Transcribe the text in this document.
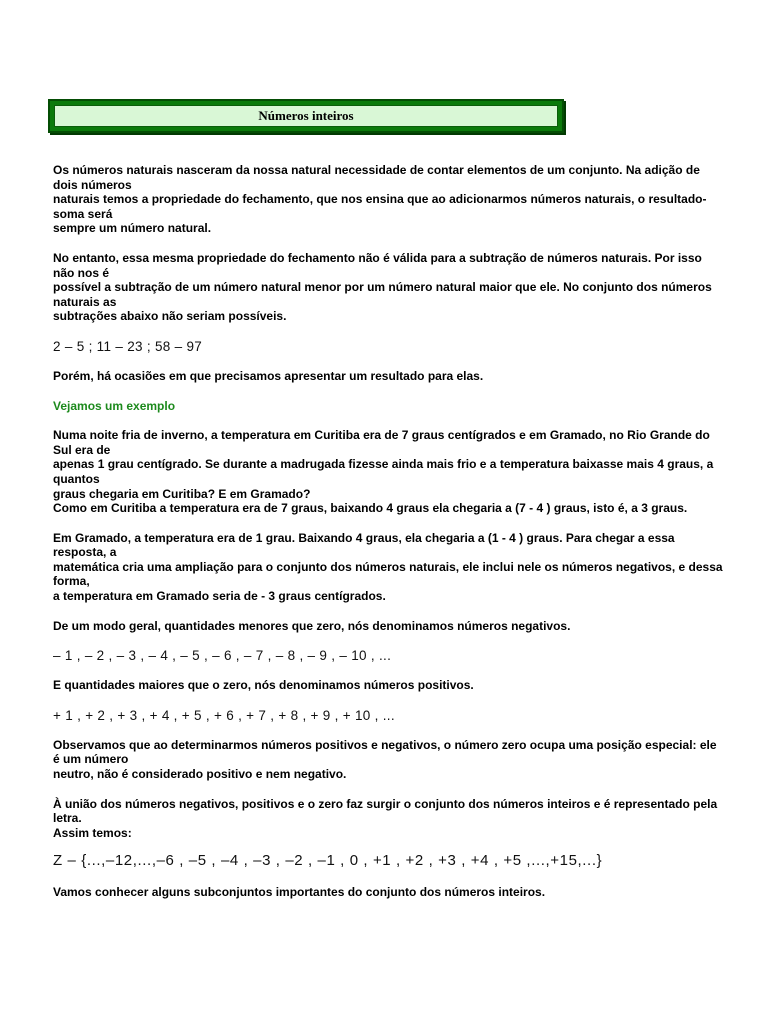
Números inteiros
Os números naturais nasceram da nossa natural necessidade de contar elementos de um conjunto. Na adição de dois números
naturais temos a propriedade do fechamento, que nos ensina que ao adicionarmos números naturais, o resultado-soma será
sempre um número natural.
No entanto, essa mesma propriedade do fechamento não é válida para a subtração de números naturais. Por isso não nos é
possível a subtração de um número natural menor por um número natural maior que ele. No conjunto dos números naturais as
subtrações abaixo não seriam possíveis.
2 – 5 ; 11 – 23 ; 58 – 97
Porém, há ocasiões em que precisamos apresentar um resultado para elas.
Vejamos um exemplo
Numa noite fria de inverno, a temperatura em Curitiba era de 7 graus centígrados e em Gramado, no Rio Grande do Sul era de
apenas 1 grau centígrado. Se durante a madrugada fizesse ainda mais frio e a temperatura baixasse mais 4 graus, a quantos
graus chegaria em Curitiba? E em Gramado?
Como em Curitiba a temperatura era de 7 graus, baixando 4 graus ela chegaria a (7 - 4 ) graus, isto é, a 3 graus.
Em Gramado, a temperatura era de 1 grau. Baixando 4 graus, ela chegaria a (1 - 4 ) graus. Para chegar a essa resposta, a
matemática cria uma ampliação para o conjunto dos números naturais, ele inclui nele os números negativos, e dessa forma,
a temperatura em Gramado seria de - 3 graus centígrados.
De um modo geral, quantidades menores que zero, nós denominamos números negativos.
– 1 , – 2 , – 3 , – 4 , – 5 , – 6 , – 7 , – 8 , – 9 , – 10 , ...
E quantidades maiores que o zero, nós denominamos números positivos.
+ 1 , + 2 , + 3 , + 4 , + 5 , + 6 , + 7 , + 8 , + 9 , + 10 , ...
Observamos que ao determinarmos números positivos e negativos, o número zero ocupa uma posição especial: ele é um número
neutro, não é considerado positivo e nem negativo.
À união dos números negativos, positivos e o zero faz surgir o conjunto dos números inteiros e é representado pela letra.
Assim temos:
Z – {...,–12,...,–6 , –5 , –4 , –3 , –2 , –1 , 0 , +1 , +2 , +3 , +4 , +5 ,...,+15,...}
Vamos conhecer alguns subconjuntos importantes do conjunto dos números inteiros.
